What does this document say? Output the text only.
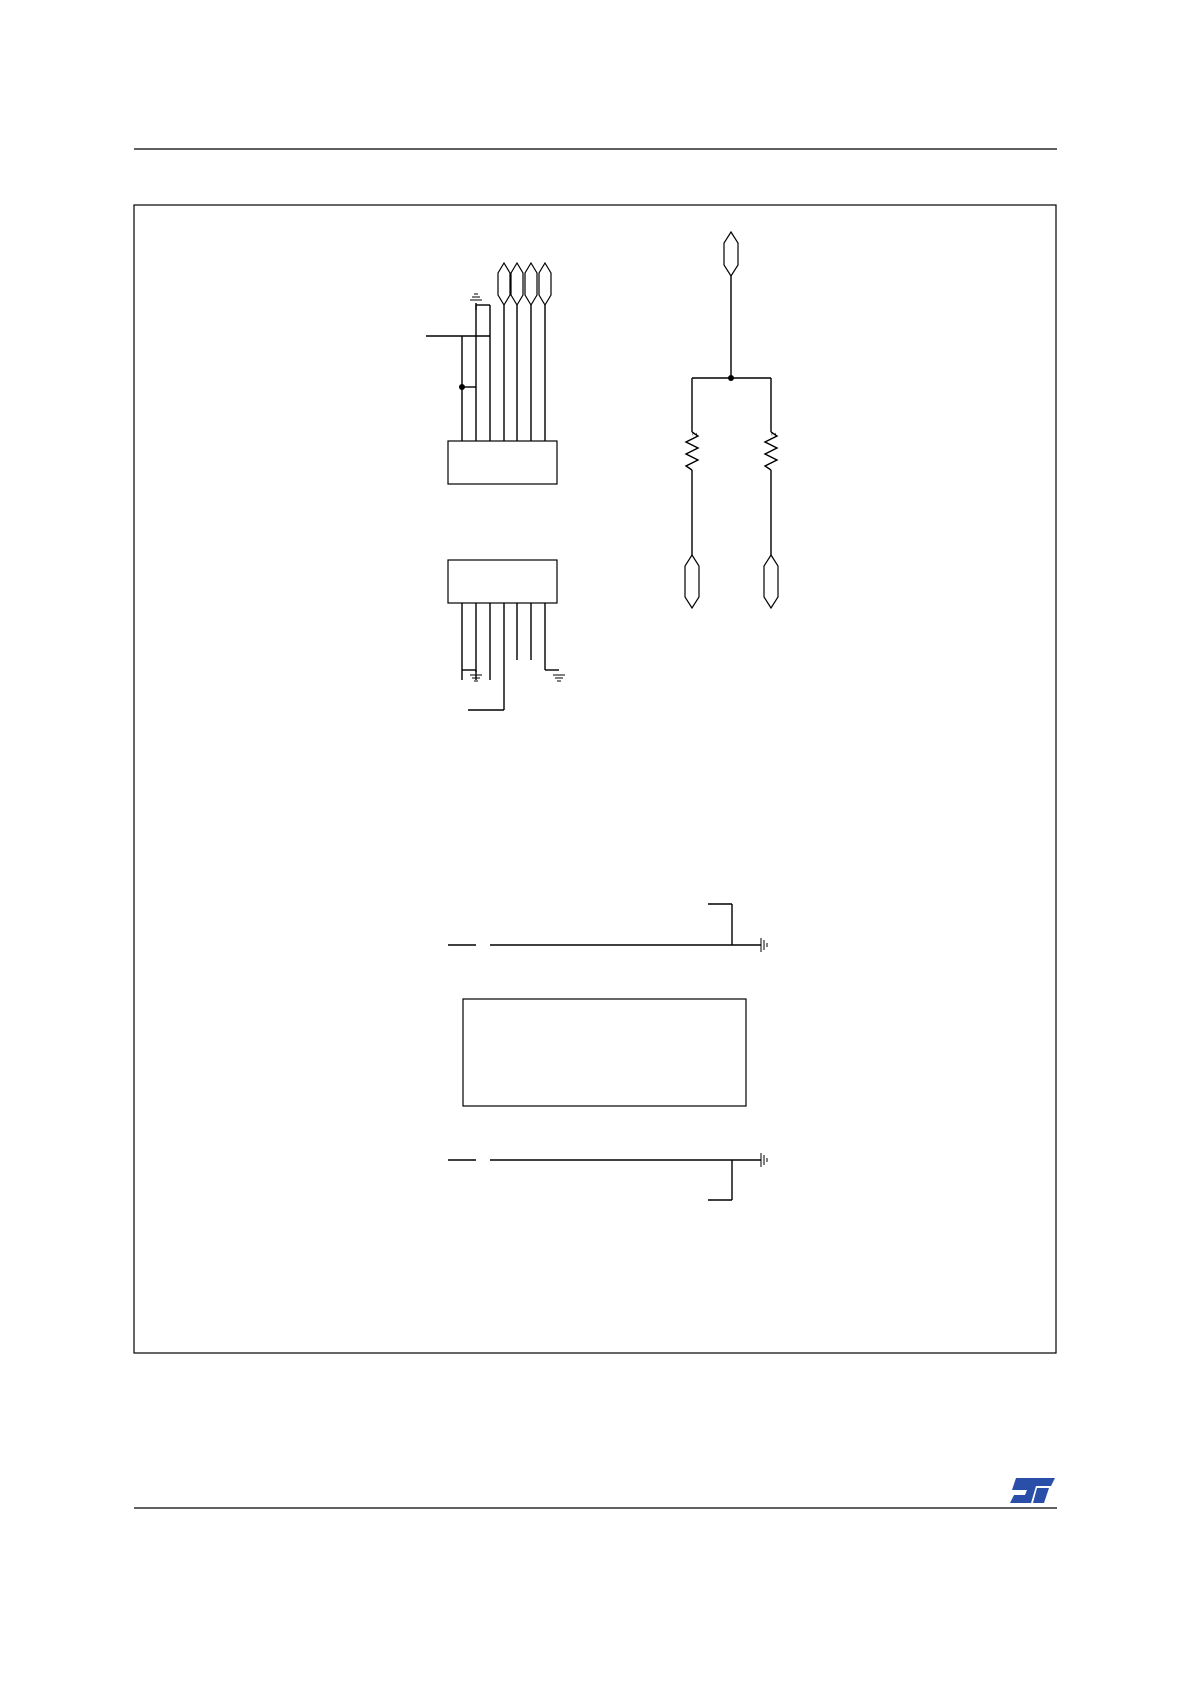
2	2
